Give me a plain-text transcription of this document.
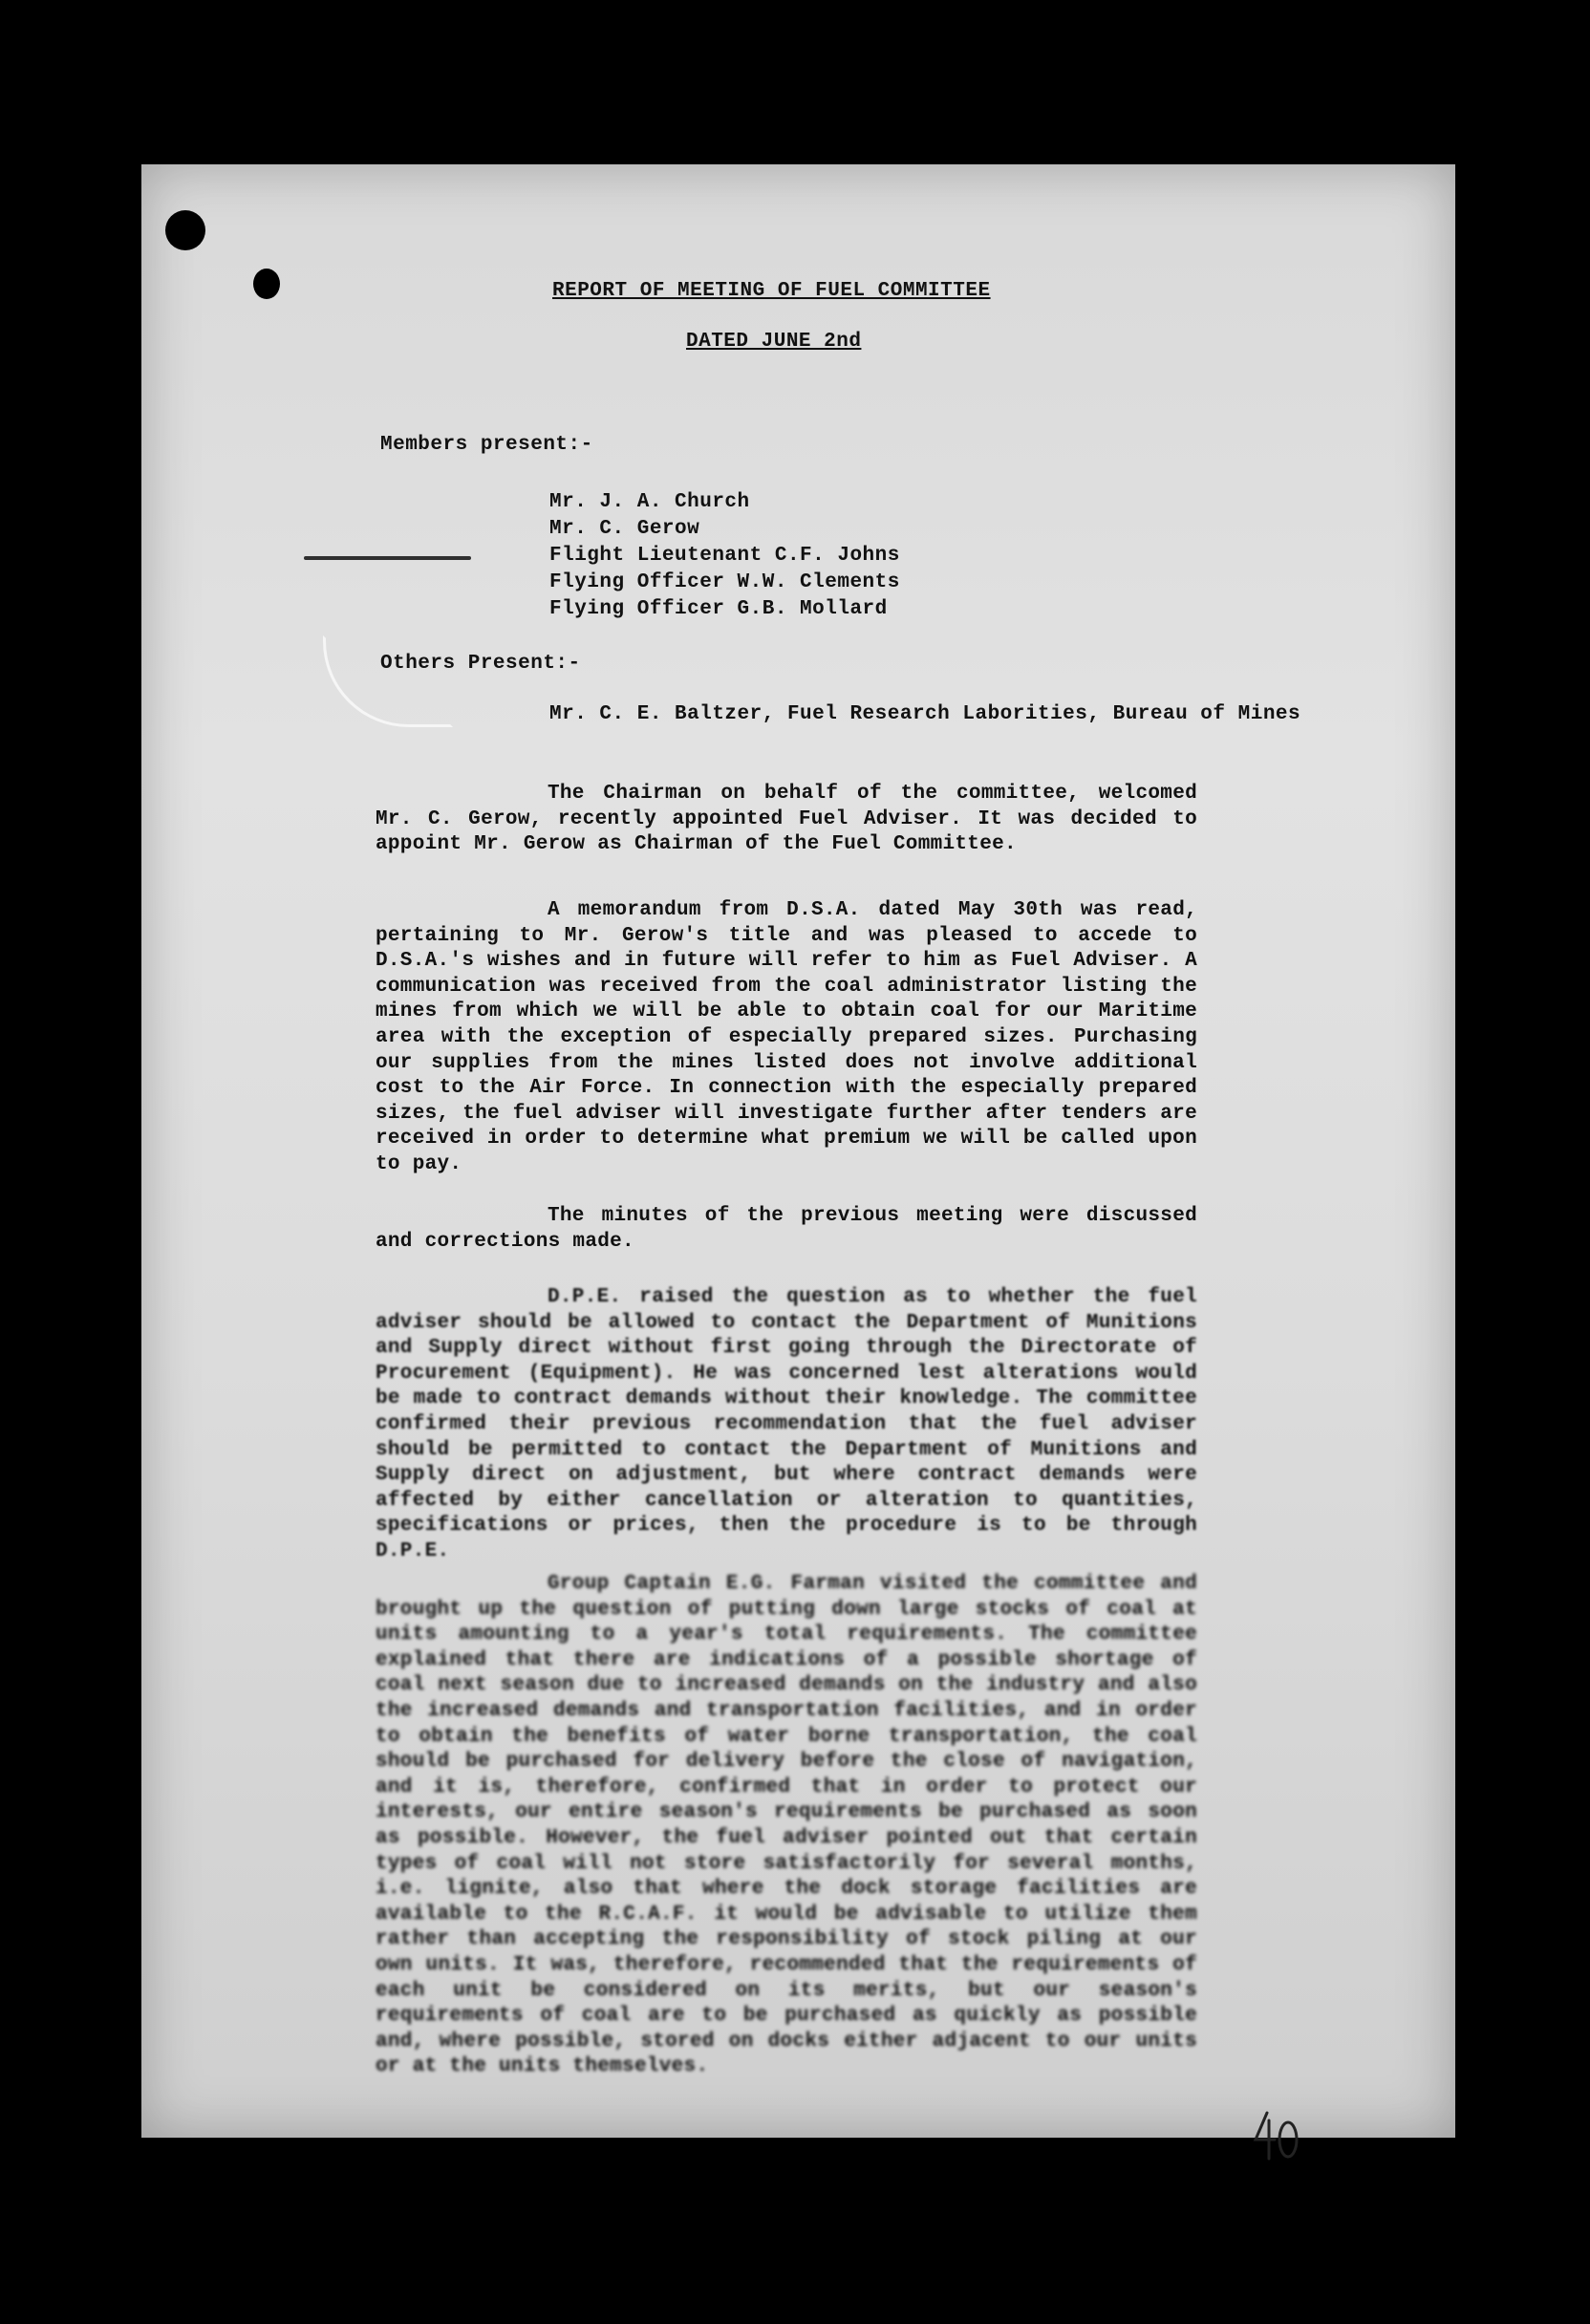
REPORT OF MEETING OF FUEL COMMITTEE
DATED JUNE 2nd
Members present:-
Mr. J. A. Church
Mr. C. Gerow
Flight Lieutenant C.F. Johns
Flying Officer W.W. Clements
Flying Officer G.B. Mollard
Others Present:-
Mr. C. E. Baltzer, Fuel Research Laborities, Bureau of Mines

The Chairman on behalf of the committee, welcomed Mr. C. Gerow, recently appointed Fuel Adviser. It was decided to appoint Mr. Gerow as Chairman of the Fuel Committee.

A memorandum from D.S.A. dated May 30th was read, pertaining to Mr. Gerow's title and was pleased to accede to D.S.A.'s wishes and in future will refer to him as Fuel Adviser. A communication was received from the coal administrator listing the mines from which we will be able to obtain coal for our Maritime area with the exception of especially prepared sizes. Purchasing our supplies from the mines listed does not involve additional cost to the Air Force. In connection with the especially prepared sizes, the fuel adviser will investigate further after tenders are received in order to determine what premium we will be called upon to pay.

The minutes of the previous meeting were discussed and corrections made.

D.P.E. raised the question as to whether the fuel adviser should be allowed to contact the Department of Munitions and Supply direct without first going through the Directorate of Procurement (Equipment). He was concerned lest alterations would be made to contract demands without their knowledge. The committee confirmed their previous recommendation that the fuel adviser should be permitted to contact the Department of Munitions and Supply direct on adjustment, but where contract demands were affected by either cancellation or alteration to quantities, specifications or prices, then the procedure is to be through D.P.E.

Group Captain E.G. Farman visited the committee and brought up the question of putting down large stocks of coal at units amounting to a year's total requirements. The committee explained that there are indications of a possible shortage of coal next season due to increased demands on the industry and also the increased demands and transportation facilities, and in order to obtain the benefits of water borne transportation, the coal should be purchased for delivery before the close of navigation, and it is, therefore, confirmed that in order to protect our interests, our entire season's requirements be purchased as soon as possible. However, the fuel adviser pointed out that certain types of coal will not store satisfactorily for several months, i.e. lignite, also that where the dock storage facilities are available to the R.C.A.F. it would be advisable to utilize them rather than accepting the responsibility of stock piling at our own units. It was, therefore, recommended that the requirements of each unit be considered on its merits, but our season's requirements of coal are to be purchased as quickly as possible and, where possible, stored on docks either adjacent to our units or at the units themselves.

48
